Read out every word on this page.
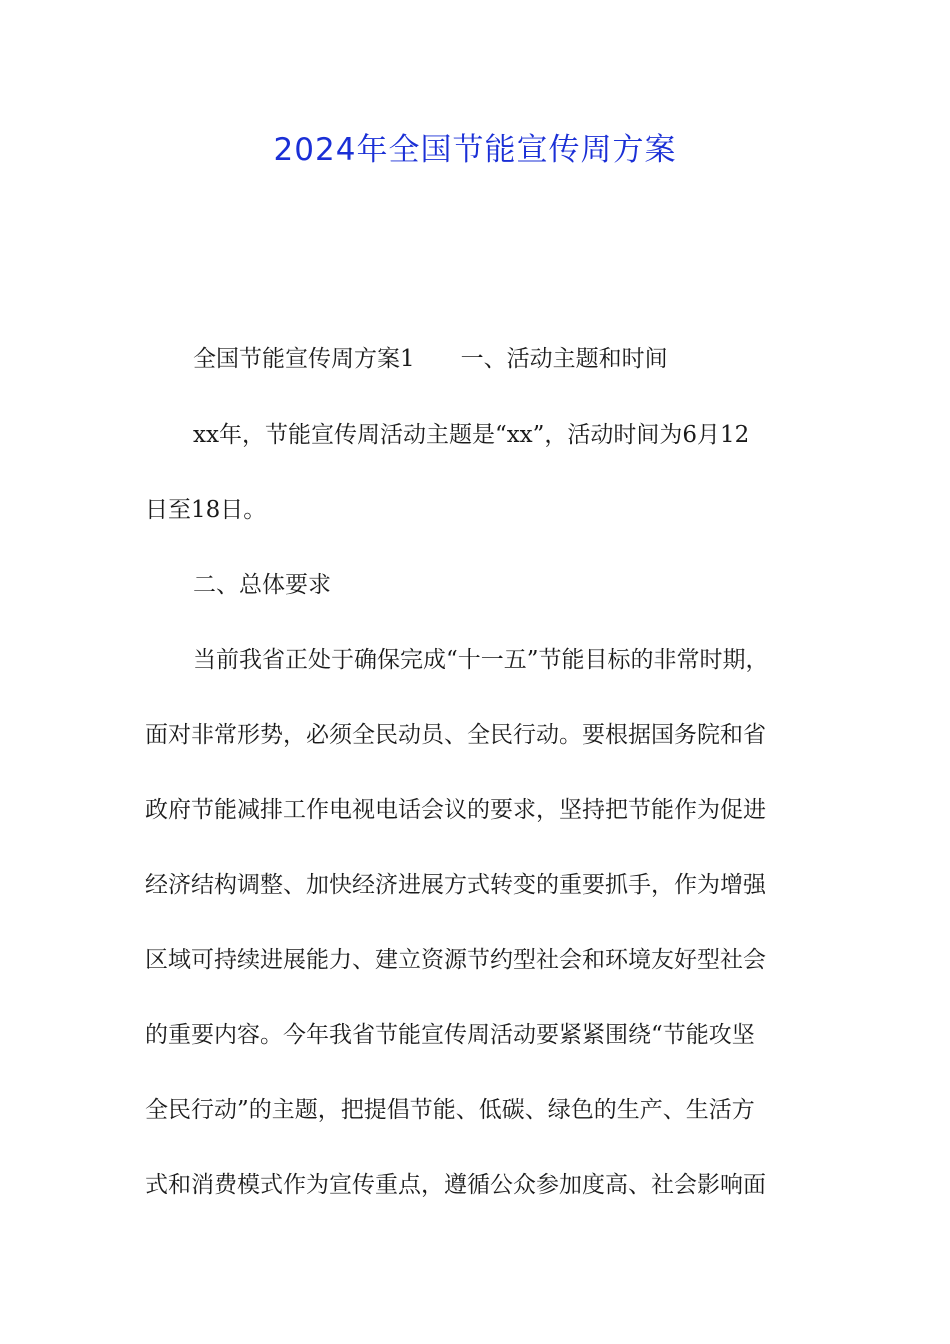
2024年全国节能宣传周方案

全国节能宣传周方案1 一、活动主题和时间

xx年，节能宣传周活动主题是“xx”，活动时间为6月12

日至18日。

二、总体要求

当前我省正处于确保完成“十一五”节能目标的非常时期，

面对非常形势，必须全民动员、全民行动。要根据国务院和省

政府节能减排工作电视电话会议的要求，坚持把节能作为促进

经济结构调整、加快经济进展方式转变的重要抓手，作为增强

区域可持续进展能力、建立资源节约型社会和环境友好型社会

的重要内容。今年我省节能宣传周活动要紧紧围绕“节能攻坚

全民行动”的主题，把提倡节能、低碳、绿色的生产、生活方

式和消费模式作为宣传重点，遵循公众参加度高、社会影响面
